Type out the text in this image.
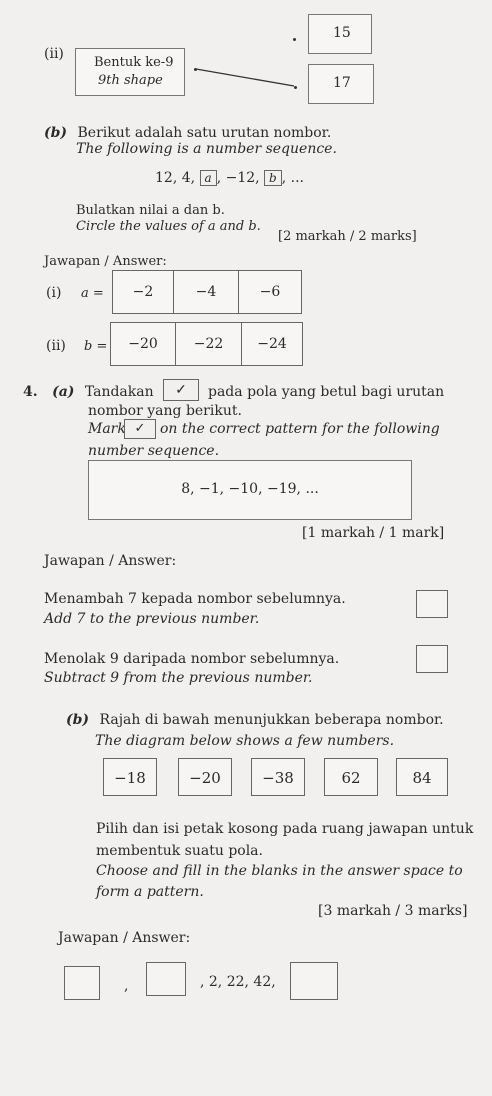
15
(ii)
Bentuk ke-9
9th shape	17
(b) Berikut adalah satu urutan nombor.
The following is a number sequence.
12, 4, a , −12, b , ...
Bulatkan nilai a dan b.
Circle the values of a and b.
[2 markah / 2 marks]
Jawapan / Answer:
(i) a =	−2	−4	−6
(ii) b =	−20	−22	−24
4. (a) Tandakan	✓	pada pola yang betul bagi urutan
nombor yang berikut.
Mark ✓	on the correct pattern for the following
number sequence.
8, −1, −10, −19, ...
[1 markah / 1 mark]
Jawapan / Answer:
Menambah 7 kepada nombor sebelumnya.
Add 7 to the previous number.
Menolak 9 daripada nombor sebelumnya.
Subtract 9 from the previous number.
(b) Rajah di bawah menunjukkan beberapa nombor.
The diagram below shows a few numbers.
−18	−20	−38	62	84
Pilih dan isi petak kosong pada ruang jawapan untuk
membentuk suatu pola.
Choose and fill in the blanks in the answer space to
form a pattern.
[3 markah / 3 marks]
Jawapan / Answer:
,	, 2, 22, 42,
